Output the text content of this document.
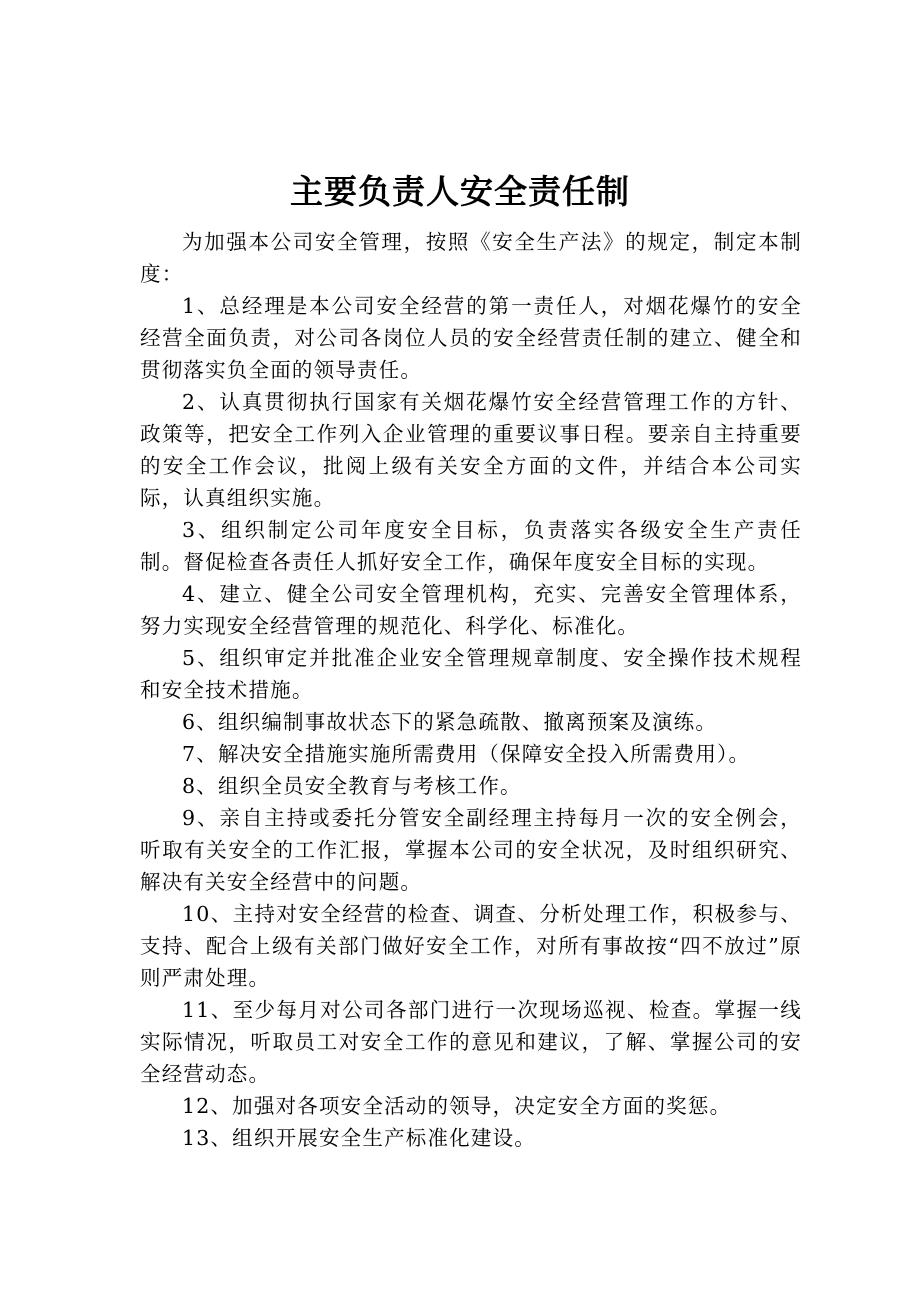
主要负责人安全责任制

为加强本公司安全管理，按照《安全生产法》的规定，制定本制度：

1、总经理是本公司安全经营的第一责任人，对烟花爆竹的安全经营全面负责，对公司各岗位人员的安全经营责任制的建立、健全和贯彻落实负全面的领导责任。

2、认真贯彻执行国家有关烟花爆竹安全经营管理工作的方针、政策等，把安全工作列入企业管理的重要议事日程。要亲自主持重要的安全工作会议，批阅上级有关安全方面的文件，并结合本公司实际，认真组织实施。

3、组织制定公司年度安全目标，负责落实各级安全生产责任制。督促检查各责任人抓好安全工作，确保年度安全目标的实现。

4、建立、健全公司安全管理机构，充实、完善安全管理体系，努力实现安全经营管理的规范化、科学化、标准化。

5、组织审定并批准企业安全管理规章制度、安全操作技术规程和安全技术措施。

6、组织编制事故状态下的紧急疏散、撤离预案及演练。

7、解决安全措施实施所需费用（保障安全投入所需费用）。

8、组织全员安全教育与考核工作。

9、亲自主持或委托分管安全副经理主持每月一次的安全例会，听取有关安全的工作汇报，掌握本公司的安全状况，及时组织研究、解决有关安全经营中的问题。

10、主持对安全经营的检查、调查、分析处理工作，积极参与、支持、配合上级有关部门做好安全工作，对所有事故按“四不放过”原则严肃处理。

11、至少每月对公司各部门进行一次现场巡视、检查。掌握一线实际情况，听取员工对安全工作的意见和建议，了解、掌握公司的安全经营动态。

12、加强对各项安全活动的领导，决定安全方面的奖惩。

13、组织开展安全生产标准化建设。
